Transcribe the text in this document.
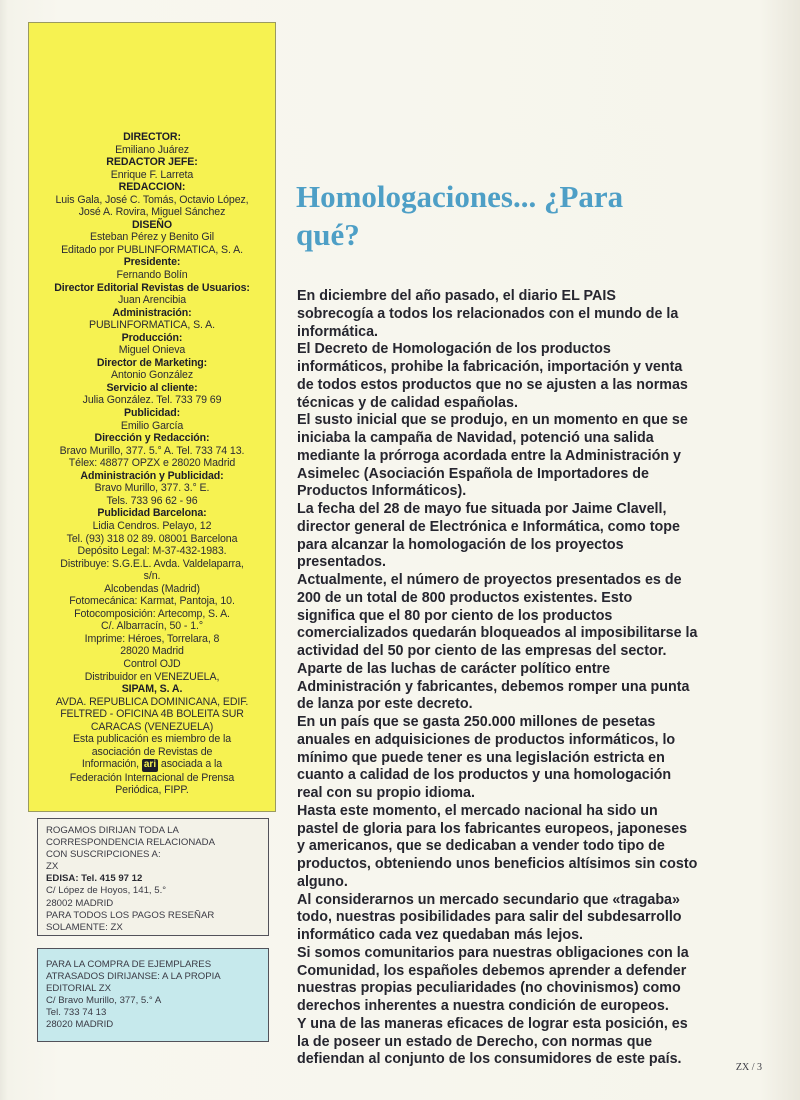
DIRECTOR:
Emiliano Juárez
REDACTOR JEFE:
Enrique F. Larreta
REDACCION:
Luis Gala, José C. Tomás, Octavio López,
José A. Rovira, Miguel Sánchez
DISEÑO
Esteban Pérez y Benito Gil
Editado por PUBLINFORMATICA, S. A.
Presidente:
Fernando Bolín
Director Editorial Revistas de Usuarios:
Juan Arencibia
Administración:
PUBLINFORMATICA, S. A.
Producción:
Miguel Onieva
Director de Marketing:
Antonio González
Servicio al cliente:
Julia González. Tel. 733 79 69
Publicidad:
Emilio García
Dirección y Redacción:
Bravo Murillo, 377. 5.° A. Tel. 733 74 13.
Télex: 48877 OPZX e 28020 Madrid
Administración y Publicidad:
Bravo Murillo, 377. 3.° E.
Tels. 733 96 62 - 96
Publicidad Barcelona:
Lidia Cendros. Pelayo, 12
Tel. (93) 318 02 89. 08001 Barcelona
Depósito Legal: M-37-432-1983.
Distribuye: S.G.E.L. Avda. Valdelaparra,
s/n.
Alcobendas (Madrid)
Fotomecánica: Karmat, Pantoja, 10.
Fotocomposición: Artecomp, S. A.
C/. Albarracín, 50 - 1.°
Imprime: Héroes, Torrelara, 8
28020 Madrid
Control OJD
Distribuidor en VENEZUELA,
SIPAM, S. A.
AVDA. REPUBLICA DOMINICANA, EDIF.
FELTRED - OFICINA 4B BOLEITA SUR
CARACAS (VENEZUELA)
Esta publicación es miembro de la
asociación de Revistas de
Información, ari asociada a la
Federación Internacional de Prensa
Periódica, FIPP.
ROGAMOS DIRIJAN TODA LA
CORRESPONDENCIA RELACIONADA
CON SUSCRIPCIONES A:
ZX
EDISA: Tel. 415 97 12
C/ López de Hoyos, 141, 5.°
28002 MADRID
PARA TODOS LOS PAGOS RESEÑAR
SOLAMENTE: ZX
PARA LA COMPRA DE EJEMPLARES
ATRASADOS DIRIJANSE: A LA PROPIA
EDITORIAL ZX
C/ Bravo Murillo, 377, 5.° A
Tel. 733 74 13
28020 MADRID
Homologaciones... ¿Para
qué?
En diciembre del año pasado, el diario EL PAIS
sobrecogía a todos los relacionados con el mundo de la
informática.
El Decreto de Homologación de los productos
informáticos, prohibe la fabricación, importación y venta
de todos estos productos que no se ajusten a las normas
técnicas y de calidad españolas.
El susto inicial que se produjo, en un momento en que se
iniciaba la campaña de Navidad, potenció una salida
mediante la prórroga acordada entre la Administración y
Asimelec (Asociación Española de Importadores de
Productos Informáticos).
La fecha del 28 de mayo fue situada por Jaime Clavell,
director general de Electrónica e Informática, como tope
para alcanzar la homologación de los proyectos
presentados.
Actualmente, el número de proyectos presentados es de
200 de un total de 800 productos existentes. Esto
significa que el 80 por ciento de los productos
comercializados quedarán bloqueados al imposibilitarse la
actividad del 50 por ciento de las empresas del sector.
Aparte de las luchas de carácter político entre
Administración y fabricantes, debemos romper una punta
de lanza por este decreto.
En un país que se gasta 250.000 millones de pesetas
anuales en adquisiciones de productos informáticos, lo
mínimo que puede tener es una legislación estricta en
cuanto a calidad de los productos y una homologación
real con su propio idioma.
Hasta este momento, el mercado nacional ha sido un
pastel de gloria para los fabricantes europeos, japoneses
y americanos, que se dedicaban a vender todo tipo de
productos, obteniendo unos beneficios altísimos sin costo
alguno.
Al considerarnos un mercado secundario que «tragaba»
todo, nuestras posibilidades para salir del subdesarrollo
informático cada vez quedaban más lejos.
Si somos comunitarios para nuestras obligaciones con la
Comunidad, los españoles debemos aprender a defender
nuestras propias peculiaridades (no chovinismos) como
derechos inherentes a nuestra condición de europeos.
Y una de las maneras eficaces de lograr esta posición, es
la de poseer un estado de Derecho, con normas que
defiendan al conjunto de los consumidores de este país.
ZX / 3
